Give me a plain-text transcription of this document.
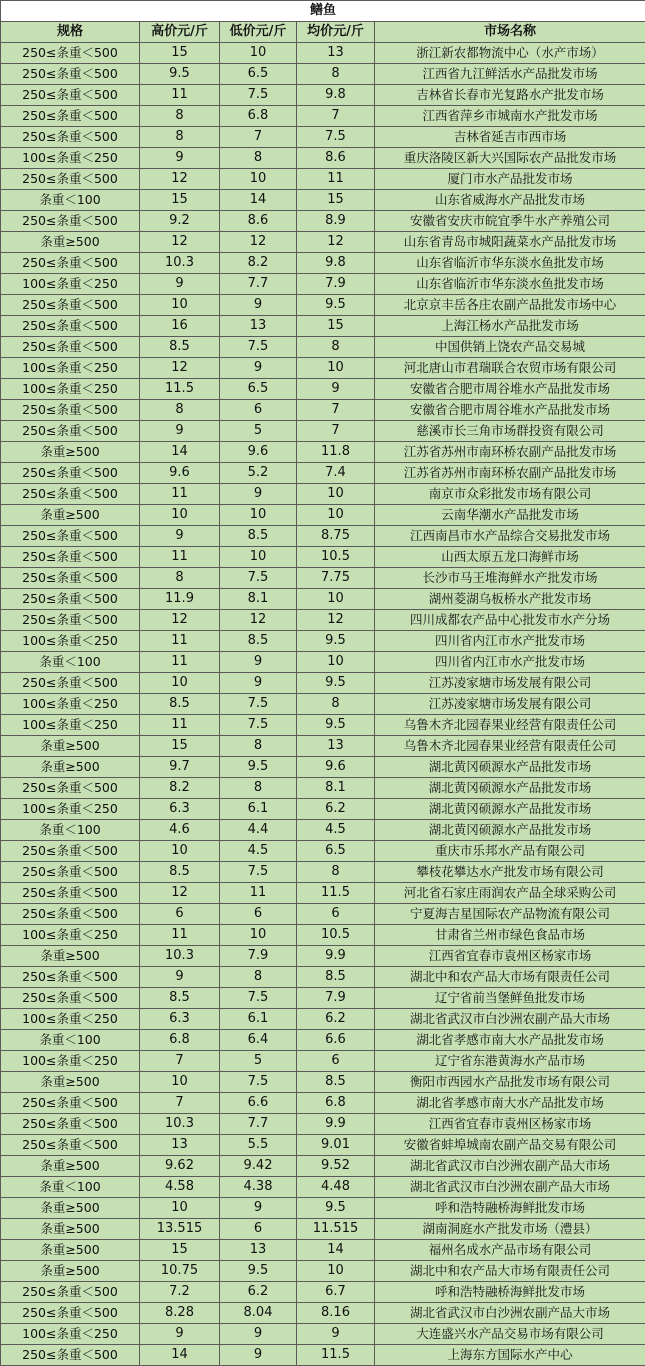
鳝鱼				
规格	高价元/斤	低价元/斤	均价元/斤	市场名称
250≤条重＜500	15	10	13	浙江新农都物流中心（水产市场）
250≤条重＜500	9.5	6.5	8	江西省九江鲜活水产品批发市场
250≤条重＜500	11	7.5	9.8	吉林省长春市光复路水产批发市场
250≤条重＜500	8	6.8	7	江西省萍乡市城南水产批发市场
250≤条重＜500	8	7	7.5	吉林省延吉市西市场
100≤条重＜250	9	8	8.6	重庆洛陵区新大兴国际农产品批发市场
250≤条重＜500	12	10	11	厦门市水产品批发市场
条重＜100	15	14	15	山东省威海水产品批发市场
250≤条重＜500	9.2	8.6	8.9	安徽省安庆市皖宜季牛水产养殖公司
条重≥500	12	12	12	山东省青岛市城阳蔬菜水产品批发市场
250≤条重＜500	10.3	8.2	9.8	山东省临沂市华东淡水鱼批发市场
100≤条重＜250	9	7.7	7.9	山东省临沂市华东淡水鱼批发市场
250≤条重＜500	10	9	9.5	北京京丰岳各庄农副产品批发市场中心
250≤条重＜500	16	13	15	上海江杨水产品批发市场
250≤条重＜500	8.5	7.5	8	中国供销上饶农产品交易城
100≤条重＜250	12	9	10	河北唐山市君瑞联合农贸市场有限公司
100≤条重＜250	11.5	6.5	9	安徽省合肥市周谷堆水产品批发市场
250≤条重＜500	8	6	7	安徽省合肥市周谷堆水产品批发市场
250≤条重＜500	9	5	7	慈溪市长三角市场群投资有限公司
条重≥500	14	9.6	11.8	江苏省苏州市南环桥农副产品批发市场
250≤条重＜500	9.6	5.2	7.4	江苏省苏州市南环桥农副产品批发市场
250≤条重＜500	11	9	10	南京市众彩批发市场有限公司
条重≥500	10	10	10	云南华潮水产品批发市场
250≤条重＜500	9	8.5	8.75	江西南昌市水产品综合交易批发市场
250≤条重＜500	11	10	10.5	山西太原五龙口海鲜市场
250≤条重＜500	8	7.5	7.75	长沙市马王堆海鲜水产批发市场
250≤条重＜500	11.9	8.1	10	湖州菱湖乌板桥水产批发市场
250≤条重＜500	12	12	12	四川成都农产品中心批发市水产分场
100≤条重＜250	11	8.5	9.5	四川省内江市水产批发市场
条重＜100	11	9	10	四川省内江市水产批发市场
250≤条重＜500	10	9	9.5	江苏凌家塘市场发展有限公司
100≤条重＜250	8.5	7.5	8	江苏凌家塘市场发展有限公司
100≤条重＜250	11	7.5	9.5	乌鲁木齐北园春果业经营有限责任公司
条重≥500	15	8	13	乌鲁木齐北园春果业经营有限责任公司
条重≥500	9.7	9.5	9.6	湖北黄冈硕源水产品批发市场
250≤条重＜500	8.2	8	8.1	湖北黄冈硕源水产品批发市场
100≤条重＜250	6.3	6.1	6.2	湖北黄冈硕源水产品批发市场
条重＜100	4.6	4.4	4.5	湖北黄冈硕源水产品批发市场
250≤条重＜500	10	4.5	6.5	重庆市乐邦水产品有限公司
250≤条重＜500	8.5	7.5	8	攀枝花攀达水产批发市场有限公司
250≤条重＜500	12	11	11.5	河北省石家庄雨润农产品全球采购公司
250≤条重＜500	6	6	6	宁夏海吉星国际农产品物流有限公司
100≤条重＜250	11	10	10.5	甘肃省兰州市绿色食品市场
条重≥500	10.3	7.9	9.9	江西省宜春市袁州区杨家市场
250≤条重＜500	9	8	8.5	湖北中和农产品大市场有限责任公司
250≤条重＜500	8.5	7.5	7.9	辽宁省前当堡鲜鱼批发市场
100≤条重＜250	6.3	6.1	6.2	湖北省武汉市白沙洲农副产品大市场
条重＜100	6.8	6.4	6.6	湖北省孝感市南大水产品批发市场
100≤条重＜250	7	5	6	辽宁省东港黄海水产品市场
条重≥500	10	7.5	8.5	衡阳市西园水产品批发市场有限公司
250≤条重＜500	7	6.6	6.8	湖北省孝感市南大水产品批发市场
250≤条重＜500	10.3	7.7	9.9	江西省宜春市袁州区杨家市场
250≤条重＜500	13	5.5	9.01	安徽省蚌埠城南农副产品交易有限公司
条重≥500	9.62	9.42	9.52	湖北省武汉市白沙洲农副产品大市场
条重＜100	4.58	4.38	4.48	湖北省武汉市白沙洲农副产品大市场
条重≥500	10	9	9.5	呼和浩特融桥海鲜批发市场
条重≥500	13.515	6	11.515	湖南洞庭水产批发市场（澧县）
条重≥500	15	13	14	福州名成水产品市场有限公司
条重≥500	10.75	9.5	10	湖北中和农产品大市场有限责任公司
250≤条重＜500	7.2	6.2	6.7	呼和浩特融桥海鲜批发市场
250≤条重＜500	8.28	8.04	8.16	湖北省武汉市白沙洲农副产品大市场
100≤条重＜250	9	9	9	大连盛兴水产品交易市场有限公司
250≤条重＜500	14	9	11.5	上海东方国际水产中心
